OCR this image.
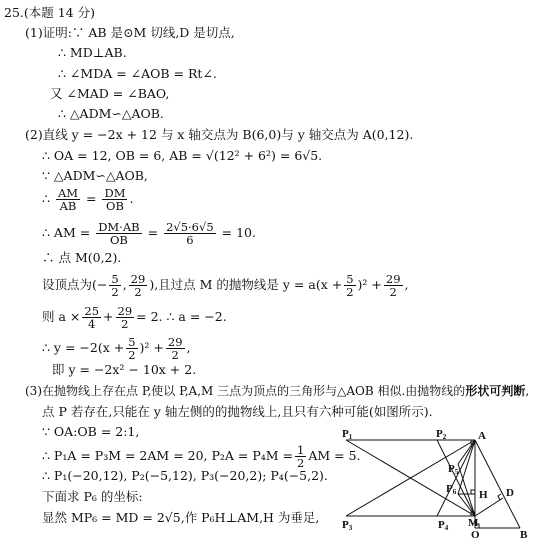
25.(本题 14 分)
(1)证明:∵ AB 是⊙M 切线,D 是切点,
∴ MD⊥AB.
∴ ∠MDA = ∠AOB = Rt∠.
又 ∠MAD = ∠BAO,
∴ △ADM∽△AOB.
(2)直线 y = −2x + 12 与 x 轴交点为 B(6,0)与 y 轴交点为 A(0,12).
∴ OA = 12, OB = 6, AB = √(12² + 6²) = 6√5.
∵ △ADM∽△AOB,
∴ $\frac{AM}{AB} = \frac{DM}{OB}$ .
∴ AM = $\frac{DM\cdot AB}{OB} = \frac{2√5\cdot 6√5}{6} = 10$.
∴ 点 M(0,2).
设顶点为(− $\frac{5}{2}$ , $\frac{29}{2}$ ),且过点 M 的抛物线是 $y = a(x + \frac{5}{2} )^2 + \frac{29}{2}$ ,
则 $a \times \frac{25}{4} + \frac{29}{2} = 2$. ∴ a = −2.
∴ $y = -2(x + \frac{5}{2} )^2 + \frac{29}{2}$ ,
即 y = −2x² − 10x + 2.
(3)在抛物线上存在点 P,使以 P,A,M 三点为顶点的三角形与△AOB 相似.由抛物线的形状可判断,
点 P 若存在,只能在 y 轴左侧的的抛物线上,且只有六种可能(如图所示).
∵ OA:OB = 2:1,
∴ P₁A = P₃M = 2AM = 20, $P_2A = P_4M = \frac{1}{2}$ AM = 5.
∴ P₁(−20,12), P₂(−5,12), P₃(−20,2); P₄(−5,2).
下面求 P₆ 的坐标:
显然 MP₆ = MD = 2√5,作 P₆H⊥AM,H 为垂足,
P1	P2	A
P5
P6 H D
P3	P4 M
O	B
